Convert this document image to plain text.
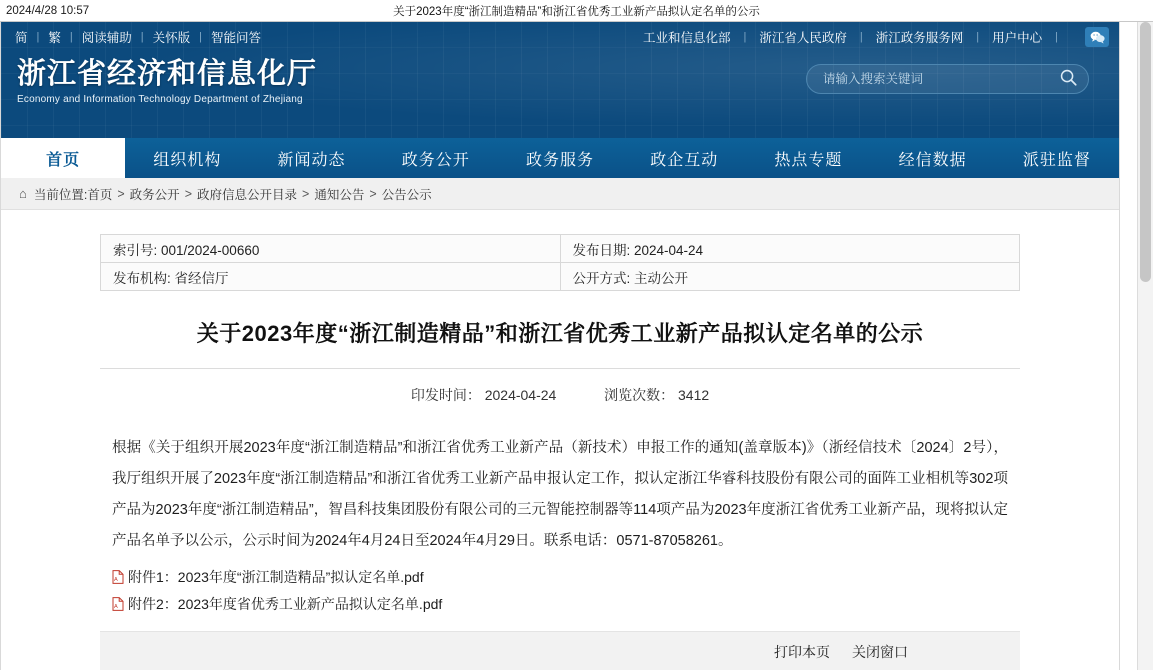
2024/4/28 10:57	关于2023年度“浙江制造精品”和浙江省优秀工业新产品拟认定名单的公示
简 | 繁 | 阅读辅助 | 关怀版 | 智能问答	工业和信息化部 | 浙江省人民政府 | 浙江政务服务网 | 用户中心 |
浙江省经济和信息化厅
Economy and Information Technology Department of Zhejiang
请输入搜索关键词
首页	组织机构	新闻动态	政务公开	政务服务	政企互动	热点专题	经信数据	派驻监督
⌂ 当前位置: 首页 > 政务公开 > 政府信息公开目录 > 通知公告 > 公告公示
索引号: 001/2024-00660	发布日期: 2024-04-24
发布机构: 省经信厅	公开方式: 主动公开
关于2023年度“浙江制造精品”和浙江省优秀工业新产品拟认定名单的公示
印发时间： 2024-04-24	浏览次数： 3412
根据《关于组织开展2023年度“浙江制造精品”和浙江省优秀工业新产品（新技术）申报工作的通知(盖章版本)》（浙经信技术〔2024〕2号），我厅组织开展了2023年度“浙江制造精品”和浙江省优秀工业新产品申报认定工作，拟认定浙江华睿科技股份有限公司的面阵工业相机等302项产品为2023年度“浙江制造精品”，智昌科技集团股份有限公司的三元智能控制器等114项产品为2023年度浙江省优秀工业新产品，现将拟认定产品名单予以公示，公示时间为2024年4月24日至2024年4月29日。联系电话：0571-87058261。
A 附件1：2023年度“浙江制造精品”拟认定名单.pdf
A 附件2：2023年度省优秀工业新产品拟认定名单.pdf
打印本页 关闭窗口
